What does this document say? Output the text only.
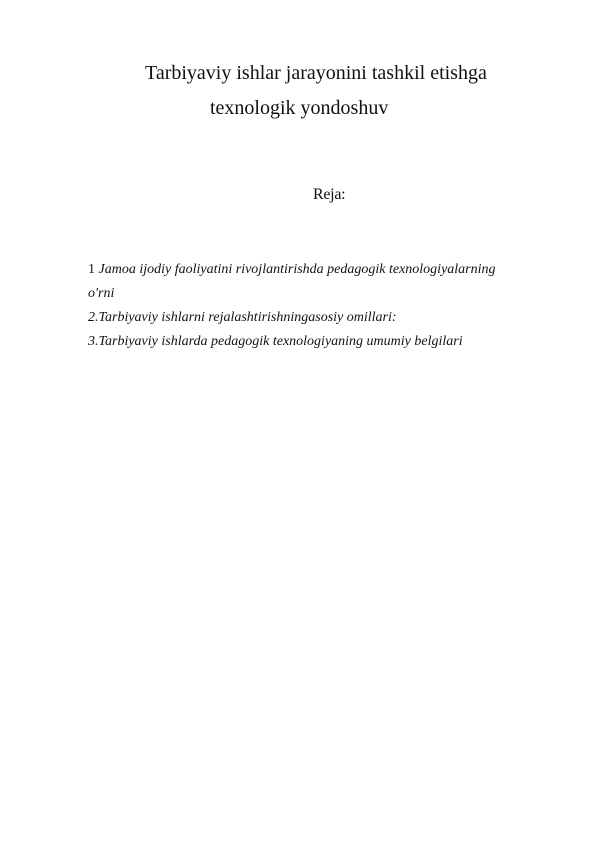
Tarbiyaviy ishlar jarayonini tashkil etishga
texnologik yondoshuv
Reja:
1 Jamoa ijodiy faoliyatini rivojlantirishda pedagogik texnologiyalarning
o'rni
2.Tarbiyaviy ishlarni rejalashtirishningasosiy omillari:
3.Tarbiyaviy ishlarda pedagogik texnologiyaning umumiy belgilari
